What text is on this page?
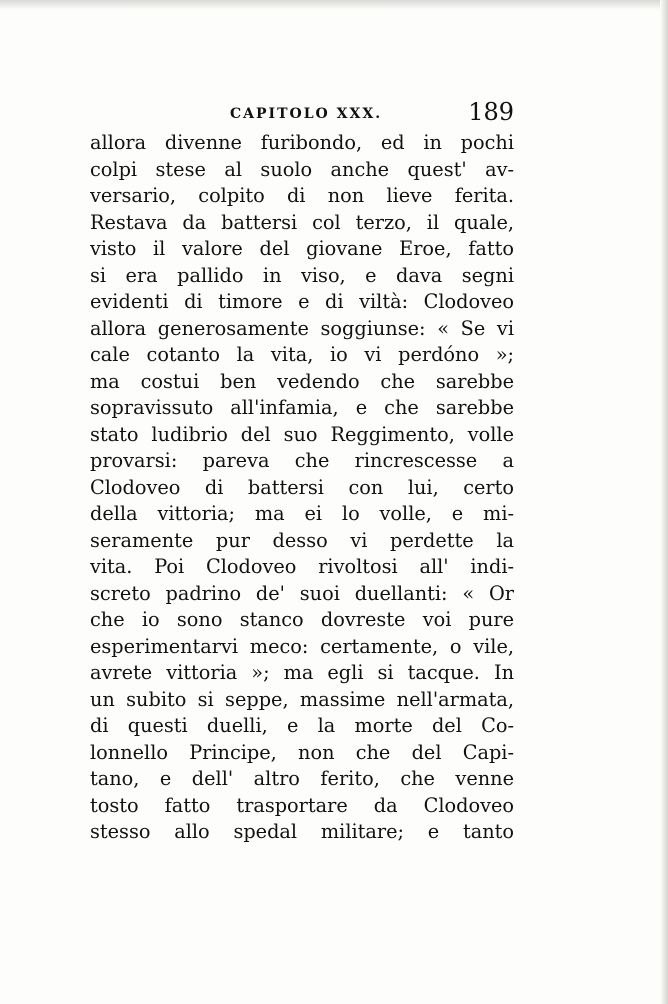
CAPITOLO XXX.	189
allora divenne furibondo, ed in pochi
colpi stese al suolo anche quest' av-
versario, colpito di non lieve ferita.
Restava da battersi col terzo, il quale,
visto il valore del giovane Eroe, fatto
si era pallido in viso, e dava segni
evidenti di timore e di viltà: Clodoveo
allora generosamente soggiunse: « Se vi
cale cotanto la vita, io vi perdóno »;
ma costui ben vedendo che sarebbe
sopravissuto all'infamia, e che sarebbe
stato ludibrio del suo Reggimento, volle
provarsi: pareva che rincrescesse a
Clodoveo di battersi con lui, certo
della vittoria; ma ei lo volle, e mi-
seramente pur desso vi perdette la
vita. Poi Clodoveo rivoltosi all' indi-
screto padrino de' suoi duellanti: « Or
che io sono stanco dovreste voi pure
esperimentarvi meco: certamente, o vile,
avrete vittoria »; ma egli si tacque. In
un subito si seppe, massime nell'armata,
di questi duelli, e la morte del Co-
lonnello Principe, non che del Capi-
tano, e dell' altro ferito, che venne
tosto fatto trasportare da Clodoveo
stesso allo spedal militare; e tanto
